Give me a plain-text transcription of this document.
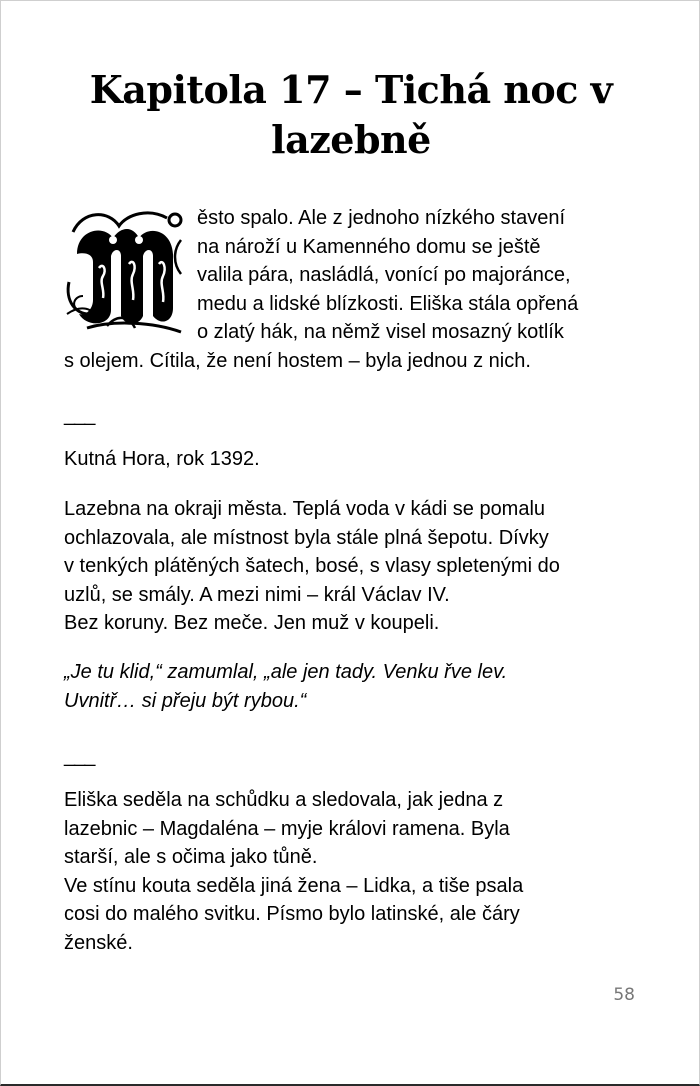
Kapitola 17 – Tichá noc v
lazebně

ěsto spalo. Ale z jednoho nízkého stavení
na nároží u Kamenného domu se ještě
valila pára, nasládlá, vonící po majoránce,
medu a lidské blízkosti. Eliška stála opřená
o zlatý hák, na němž visel mosazný kotlík
s olejem. Cítila, že není hostem – byla jednou z nich.

___

Kutná Hora, rok 1392.

Lazebna na okraji města. Teplá voda v kádi se pomalu
ochlazovala, ale místnost byla stále plná šepotu. Dívky
v tenkých plátěných šatech, bosé, s vlasy spletenými do
uzlů, se smály. A mezi nimi – král Václav IV.
Bez koruny. Bez meče. Jen muž v koupeli.

„Je tu klid,“ zamumlal, „ale jen tady. Venku řve lev.
Uvnitř… si přeju být rybou.“

___

Eliška seděla na schůdku a sledovala, jak jedna z
lazebnic – Magdaléna – myje královi ramena. Byla
starší, ale s očima jako tůně.
Ve stínu kouta seděla jiná žena – Lidka, a tiše psala
cosi do malého svitku. Písmo bylo latinské, ale čáry
ženské.

58
